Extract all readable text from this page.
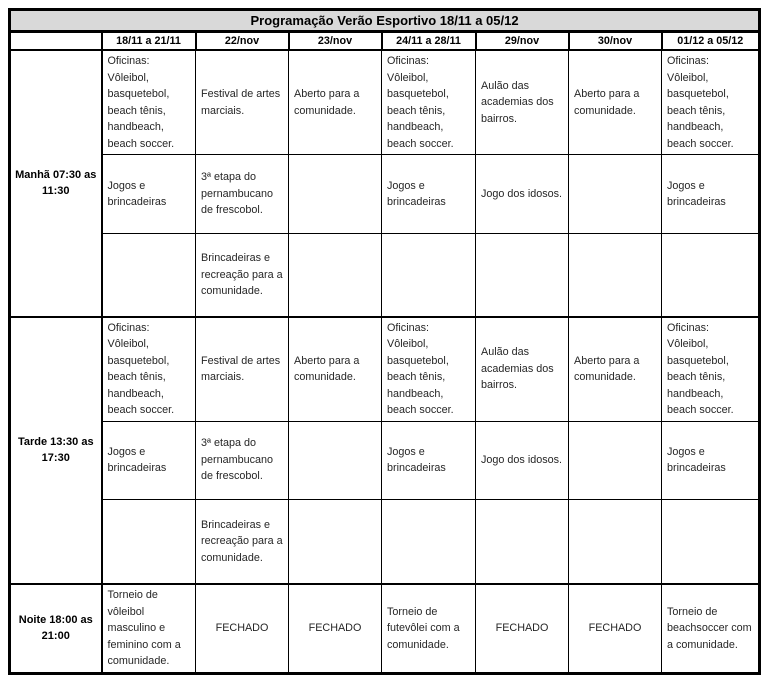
Programação Verão Esportivo 18/11 a 05/12							
	18/11 a 21/11	22/nov	23/nov	24/11 a 28/11	29/nov	30/nov	01/12 a 05/12
Manhã 07:30 as 11:30	Oficinas: Vôleibol, basquetebol, beach tênis, handbeach, beach soccer.	Festival de artes marciais.	Aberto para a comunidade.	Oficinas: Vôleibol, basquetebol, beach tênis, handbeach, beach soccer.	Aulão das academias dos bairros.	Aberto para a comunidade.	Oficinas: Vôleibol, basquetebol, beach tênis, handbeach, beach soccer.
	Jogos e brincadeiras	3ª etapa do pernambucano de frescobol.		Jogos e brincadeiras	Jogo dos idosos.		Jogos e brincadeiras
		Brincadeiras e recreação para a comunidade.					
Tarde 13:30 as 17:30	Oficinas: Vôleibol, basquetebol, beach tênis, handbeach, beach soccer.	Festival de artes marciais.	Aberto para a comunidade.	Oficinas: Vôleibol, basquetebol, beach tênis, handbeach, beach soccer.	Aulão das academias dos bairros.	Aberto para a comunidade.	Oficinas: Vôleibol, basquetebol, beach tênis, handbeach, beach soccer.
	Jogos e brincadeiras	3ª etapa do pernambucano de frescobol.		Jogos e brincadeiras	Jogo dos idosos.		Jogos e brincadeiras
		Brincadeiras e recreação para a comunidade.					
Noite 18:00 as 21:00	Torneio de vôleibol masculino e feminino com a comunidade.	FECHADO	FECHADO	Torneio de futevôlei com a comunidade.	FECHADO	FECHADO	Torneio de beachsoccer com a comunidade.
